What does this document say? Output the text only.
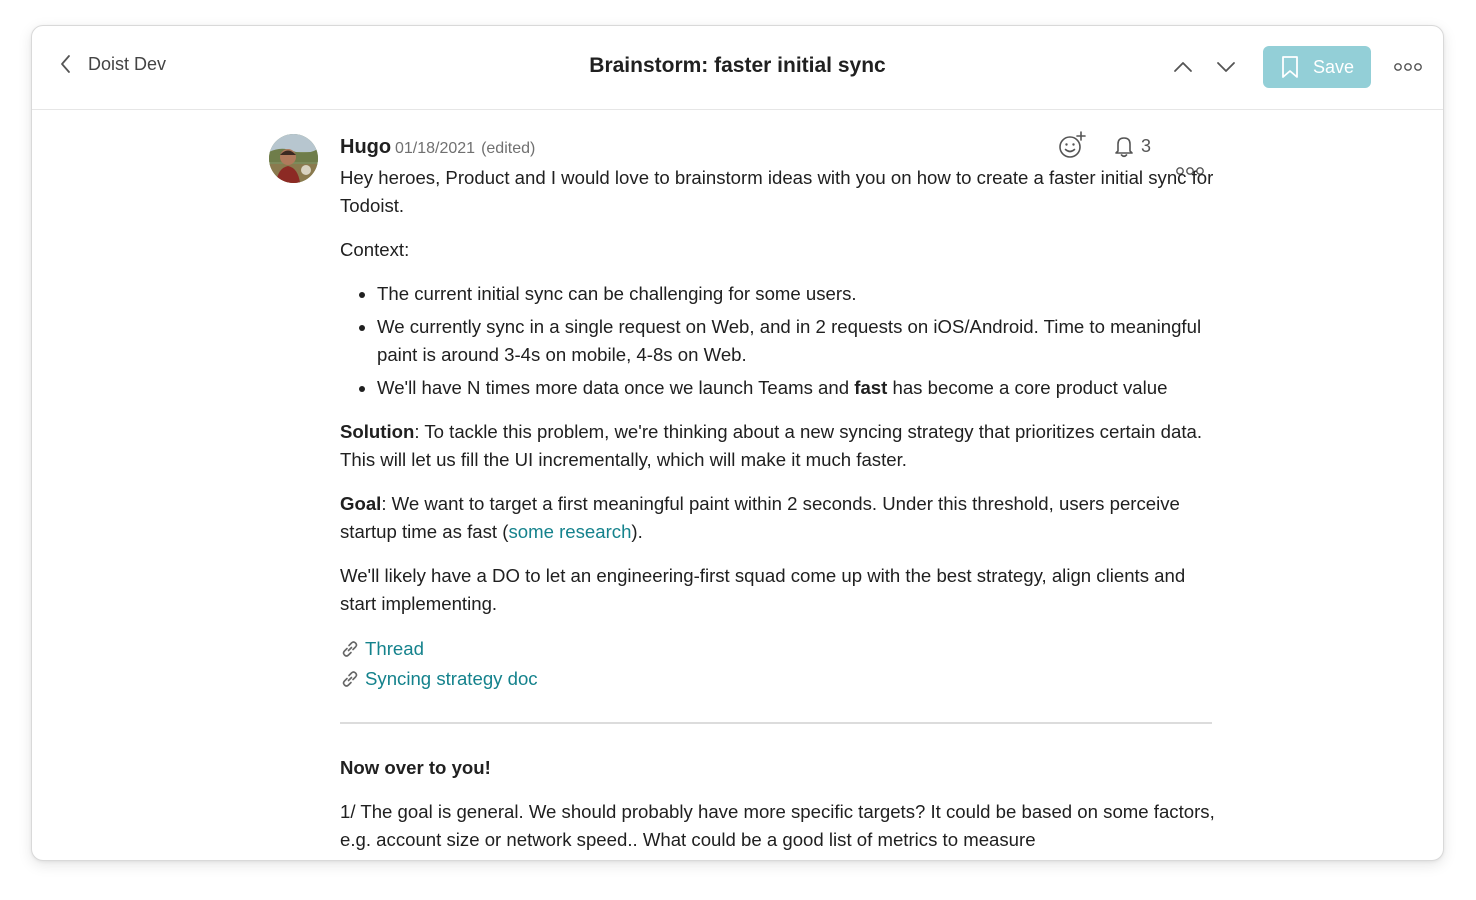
Doist Dev	Brainstorm: faster initial sync	Save
Hugo 01/18/2021 (edited)	3

Hey heroes, Product and I would love to brainstorm ideas with you on how to create a faster initial sync for Todoist.

Context:

• The current initial sync can be challenging for some users.
• We currently sync in a single request on Web, and in 2 requests on iOS/Android. Time to meaningful paint is around 3-4s on mobile, 4-8s on Web.
• We'll have N times more data once we launch Teams and fast has become a core product value

Solution: To tackle this problem, we're thinking about a new syncing strategy that prioritizes certain data. This will let us fill the UI incrementally, which will make it much faster.

Goal: We want to target a first meaningful paint within 2 seconds. Under this threshold, users perceive startup time as fast (some research).

We'll likely have a DO to let an engineering-first squad come up with the best strategy, align clients and start implementing.

Thread
Syncing strategy doc

Now over to you!

1/ The goal is general. We should probably have more specific targets? It could be based on some factors, e.g. account size or network speed.. What could be a good list of metrics to measure
